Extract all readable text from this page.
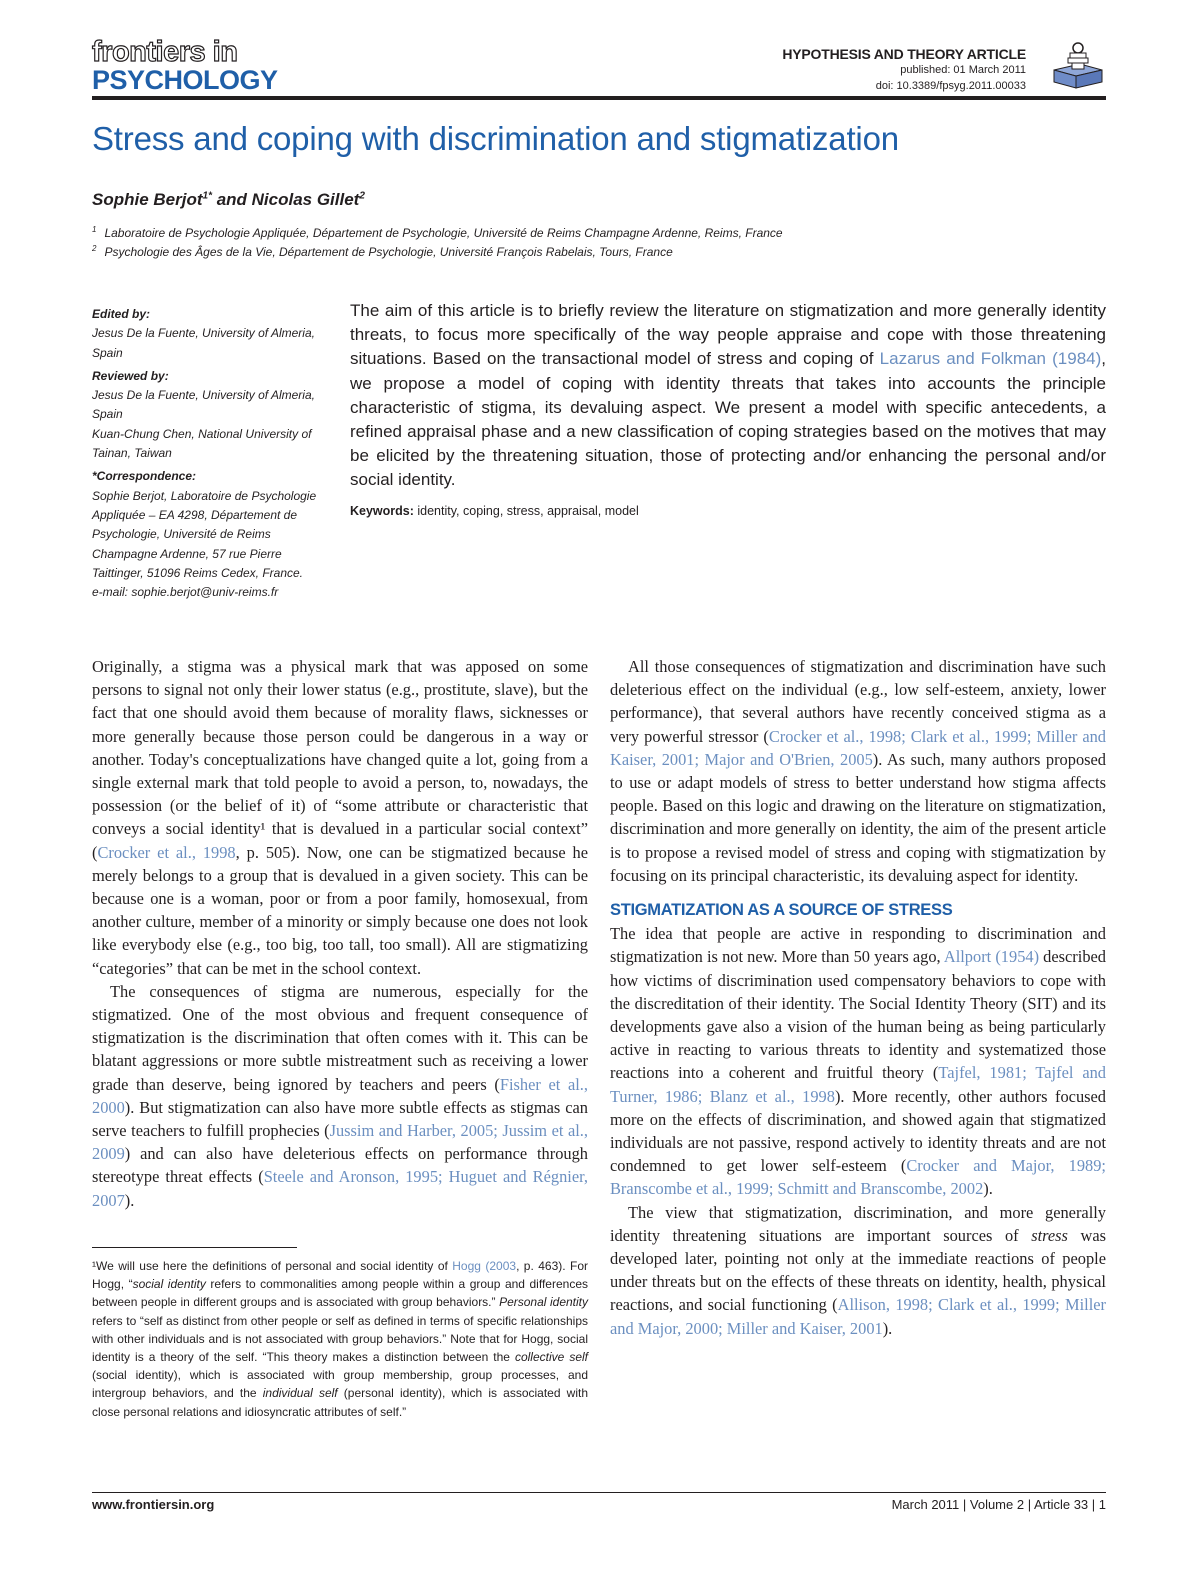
frontiers in
PSYCHOLOGY
HYPOTHESIS AND THEORY ARTICLE
published: 01 March 2011
doi: 10.3389/fpsyg.2011.00033
Stress and coping with discrimination and stigmatization
Sophie Berjot$^{1*}$ and Nicolas Gillet$^2$
$^1$ Laboratoire de Psychologie Appliquée, Département de Psychologie, Université de Reims Champagne Ardenne, Reims, France
$^2$ Psychologie des Âges de la Vie, Département de Psychologie, Université François Rabelais, Tours, France
Edited by:
Jesus De la Fuente, University of Almeria, Spain
Reviewed by:
Jesus De la Fuente, University of Almeria, Spain
Kuan-Chung Chen, National University of Tainan, Taiwan
*Correspondence:
Sophie Berjot, Laboratoire de Psychologie Appliquée – EA 4298, Département de Psychologie, Université de Reims Champagne Ardenne, 57 rue Pierre Taittinger, 51096 Reims Cedex, France.
e-mail: sophie.berjot@univ-reims.fr
The aim of this article is to briefly review the literature on stigmatization and more generally identity threats, to focus more specifically of the way people appraise and cope with those threatening situations. Based on the transactional model of stress and coping of Lazarus and Folkman (1984), we propose a model of coping with identity threats that takes into accounts the principle characteristic of stigma, its devaluing aspect. We present a model with specific antecedents, a refined appraisal phase and a new classification of coping strategies based on the motives that may be elicited by the threatening situation, those of protecting and/or enhancing the personal and/or social identity.
Keywords: identity, coping, stress, appraisal, model

Originally, a stigma was a physical mark that was apposed on some persons to signal not only their lower status (e.g., prostitute, slave), but the fact that one should avoid them because of morality flaws, sicknesses or more generally because those person could be dangerous in a way or another. Today's conceptualizations have changed quite a lot, going from a single external mark that told people to avoid a person, to, nowadays, the possession (or the belief of it) of “some attribute or characteristic that conveys a social identity¹ that is devalued in a particular social context” (Crocker et al., 1998, p. 505). Now, one can be stigmatized because he merely belongs to a group that is devalued in a given society. This can be because one is a woman, poor or from a poor family, homosexual, from another culture, member of a minority or simply because one does not look like everybody else (e.g., too big, too tall, too small). All are stigmatizing “categories” that can be met in the school context.

The consequences of stigma are numerous, especially for the stigmatized. One of the most obvious and frequent consequence of stigmatization is the discrimination that often comes with it. This can be blatant aggressions or more subtle mistreatment such as receiving a lower grade than deserve, being ignored by teachers and peers (Fisher et al., 2000). But stigmatization can also have more subtle effects as stigmas can serve teachers to fulfill prophecies (Jussim and Harber, 2005; Jussim et al., 2009) and can also have deleterious effects on performance through stereotype threat effects (Steele and Aronson, 1995; Huguet and Régnier, 2007).

All those consequences of stigmatization and discrimination have such deleterious effect on the individual (e.g., low self-esteem, anxiety, lower performance), that several authors have recently conceived stigma as a very powerful stressor (Crocker et al., 1998; Clark et al., 1999; Miller and Kaiser, 2001; Major and O'Brien, 2005). As such, many authors proposed to use or adapt models of stress to better understand how stigma affects people. Based on this logic and drawing on the literature on stigmatization, discrimination and more generally on identity, the aim of the present article is to propose a revised model of stress and coping with stigmatization by focusing on its principal characteristic, its devaluing aspect for identity.

STIGMATIZATION AS A SOURCE OF STRESS

The idea that people are active in responding to discrimination and stigmatization is not new. More than 50 years ago, Allport (1954) described how victims of discrimination used compensatory behaviors to cope with the discreditation of their identity. The Social Identity Theory (SIT) and its developments gave also a vision of the human being as being particularly active in reacting to various threats to identity and systematized those reactions into a coherent and fruitful theory (Tajfel, 1981; Tajfel and Turner, 1986; Blanz et al., 1998). More recently, other authors focused more on the effects of discrimination, and showed again that stigmatized individuals are not passive, respond actively to identity threats and are not condemned to get lower self-esteem (Crocker and Major, 1989; Branscombe et al., 1999; Schmitt and Branscombe, 2002).

The view that stigmatization, discrimination, and more generally identity threatening situations are important sources of stress was developed later, pointing not only at the immediate reactions of people under threats but on the effects of these threats on identity, health, physical reactions, and social functioning (Allison, 1998; Clark et al., 1999; Miller and Major, 2000; Miller and Kaiser, 2001).

¹We will use here the definitions of personal and social identity of Hogg (2003, p. 463). For Hogg, “social identity refers to commonalities among people within a group and differences between people in different groups and is associated with group behaviors.” Personal identity refers to “self as distinct from other people or self as defined in terms of specific relationships with other individuals and is not associated with group behaviors.” Note that for Hogg, social identity is a theory of the self. “This theory makes a distinction between the collective self (social identity), which is associated with group membership, group processes, and intergroup behaviors, and the individual self (personal identity), which is associated with close personal relations and idiosyncratic attributes of self.”
www.frontiersin.org	March 2011 | Volume 2 | Article 33 | 1
